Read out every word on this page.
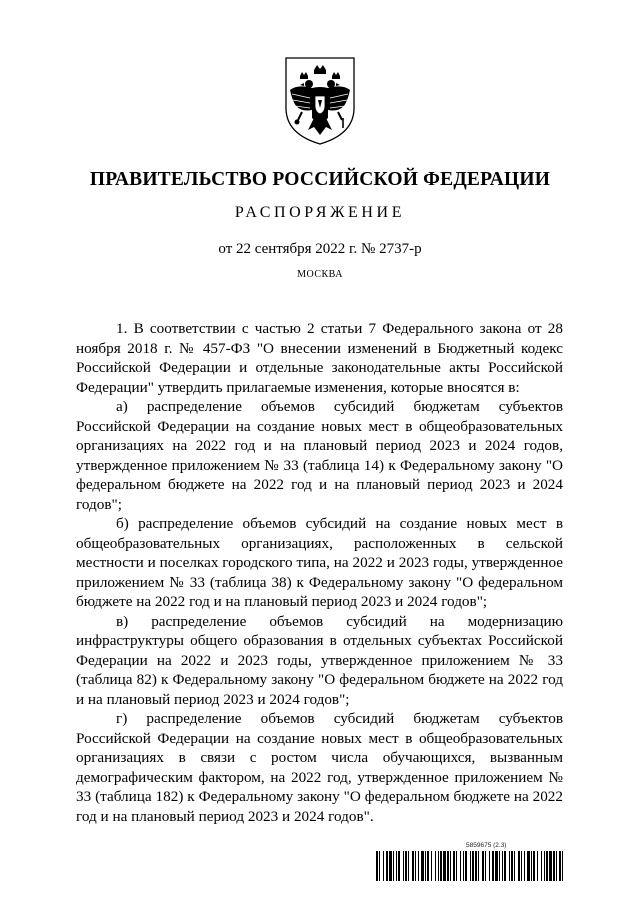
ПРАВИТЕЛЬСТВО РОССИЙСКОЙ ФЕДЕРАЦИИ
РАСПОРЯЖЕНИЕ
от 22 сентября 2022 г. № 2737-р
МОСКВА

1. В соответствии с частью 2 статьи 7 Федерального закона от 28 ноября 2018 г. № 457-ФЗ "О внесении изменений в Бюджетный кодекс Российской Федерации и отдельные законодательные акты Российской Федерации" утвердить прилагаемые изменения, которые вносятся в:

а) распределение объемов субсидий бюджетам субъектов Российской Федерации на создание новых мест в общеобразовательных организациях на 2022 год и на плановый период 2023 и 2024 годов, утвержденное приложением № 33 (таблица 14) к Федеральному закону "О федеральном бюджете на 2022 год и на плановый период 2023 и 2024 годов";

б) распределение объемов субсидий на создание новых мест в общеобразовательных организациях, расположенных в сельской местности и поселках городского типа, на 2022 и 2023 годы, утвержденное приложением № 33 (таблица 38) к Федеральному закону "О федеральном бюджете на 2022 год и на плановый период 2023 и 2024 годов";

в) распределение объемов субсидий на модернизацию инфраструктуры общего образования в отдельных субъектах Российской Федерации на 2022 и 2023 годы, утвержденное приложением № 33 (таблица 82) к Федеральному закону "О федеральном бюджете на 2022 год и на плановый период 2023 и 2024 годов";

г) распределение объемов субсидий бюджетам субъектов Российской Федерации на создание новых мест в общеобразовательных организациях в связи с ростом числа обучающихся, вызванным демографическим фактором, на 2022 год, утвержденное приложением № 33 (таблица 182) к Федеральному закону "О федеральном бюджете на 2022 год и на плановый период 2023 и 2024 годов".

5859675 (2.3)
